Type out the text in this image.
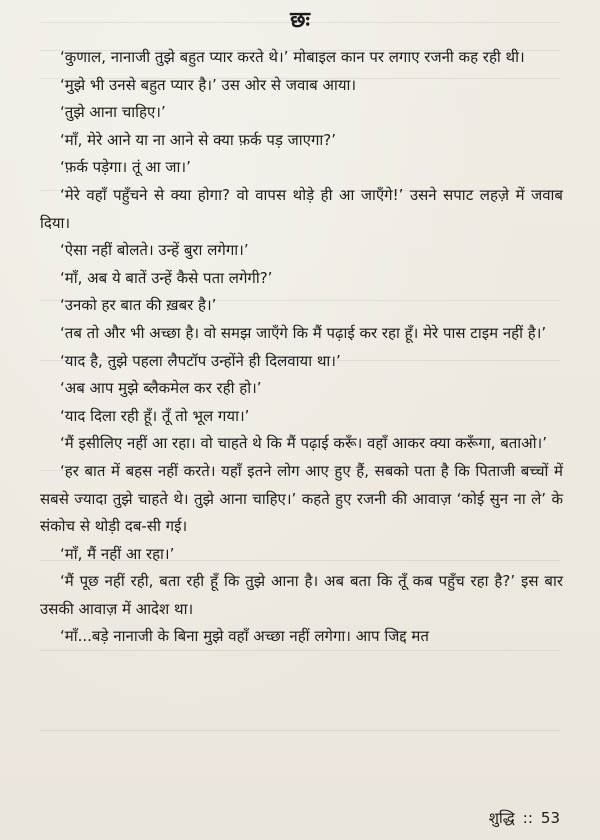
छः

‘कुणाल, नानाजी तुझे बहुत प्यार करते थे।’ मोबाइल कान पर लगाए रजनी कह रही थी।

‘मुझे भी उनसे बहुत प्यार है।’ उस ओर से जवाब आया।

‘तुझे आना चाहिए।’

‘माँ, मेरे आने या ना आने से क्या फ़र्क पड़ जाएगा?’

‘फ़र्क पड़ेगा। तूं आ जा।’

‘मेरे वहाँ पहुँचने से क्या होगा? वो वापस थोड़े ही आ जाएँगे!’ उसने सपाट लहज़े में जवाब दिया।

‘ऐसा नहीं बोलते। उन्हें बुरा लगेगा।’

‘माँ, अब ये बातें उन्हें कैसे पता लगेगी?’

‘उनको हर बात की ख़बर है।’

‘तब तो और भी अच्छा है। वो समझ जाएँगे कि मैं पढ़ाई कर रहा हूँ। मेरे पास टाइम नहीं है।’

‘याद है, तुझे पहला लैपटॉप उन्होंने ही दिलवाया था।’

‘अब आप मुझे ब्लैकमेल कर रही हो।’

‘याद दिला रही हूँ। तूँ तो भूल गया।’

‘मैं इसीलिए नहीं आ रहा। वो चाहते थे कि मैं पढ़ाई करूँ। वहाँ आकर क्या करूँगा, बताओ।’

‘हर बात में बहस नहीं करते। यहाँ इतने लोग आए हुए हैं, सबको पता है कि पिताजी बच्चों में सबसे ज्यादा तुझे चाहते थे। तुझे आना चाहिए।’ कहते हुए रजनी की आवाज़ ‘कोई सुन ना ले’ के संकोच से थोड़ी दब-सी गई।

‘माँ, मैं नहीं आ रहा।’

‘मैं पूछ नहीं रही, बता रही हूँ कि तुझे आना है। अब बता कि तूँ कब पहुँच रहा है?’ इस बार उसकी आवाज़ में आदेश था।

‘माँ...बड़े नानाजी के बिना मुझे वहाँ अच्छा नहीं लगेगा। आप जिद्द मत

शुद्धि :: 53
